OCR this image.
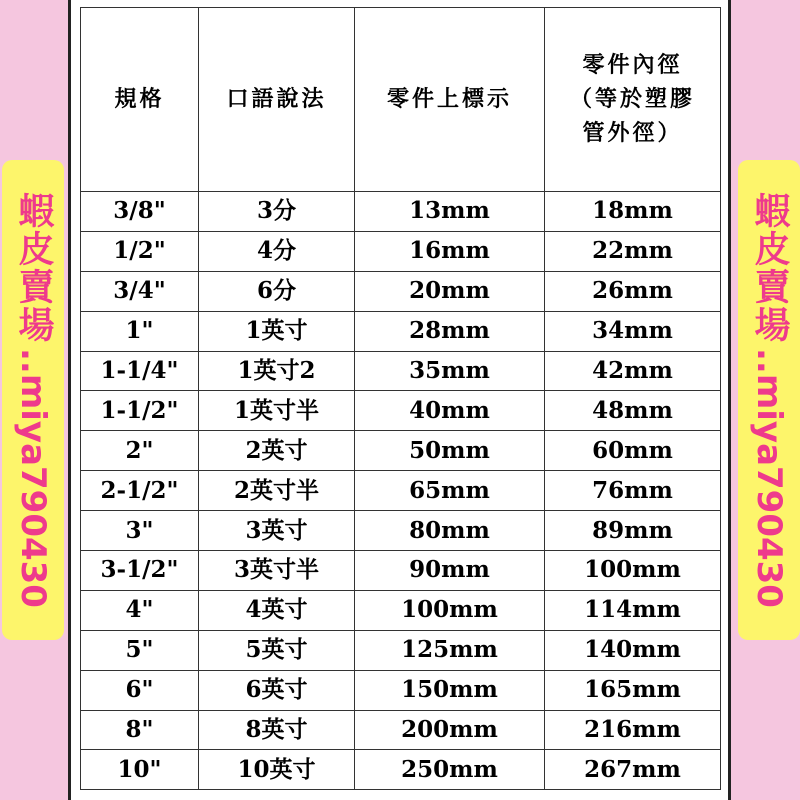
蝦皮賣場
..miya790430
規格	口語說法	零件上標示	零件內徑（等於塑膠管外徑）
3/8"	3分	13mm	18mm
1/2"	4分	16mm	22mm
3/4"	6分	20mm	26mm
1"	1英寸	28mm	34mm
1-1/4"	1英寸2	35mm	42mm
1-1/2"	1英寸半	40mm	48mm
2"	2英寸	50mm	60mm
2-1/2"	2英寸半	65mm	76mm
3"	3英寸	80mm	89mm
3-1/2"	3英寸半	90mm	100mm
4"	4英寸	100mm	114mm
5"	5英寸	125mm	140mm
6"	6英寸	150mm	165mm
8"	8英寸	200mm	216mm
10"	10英寸	250mm	267mm
蝦皮賣場
..miya790430
